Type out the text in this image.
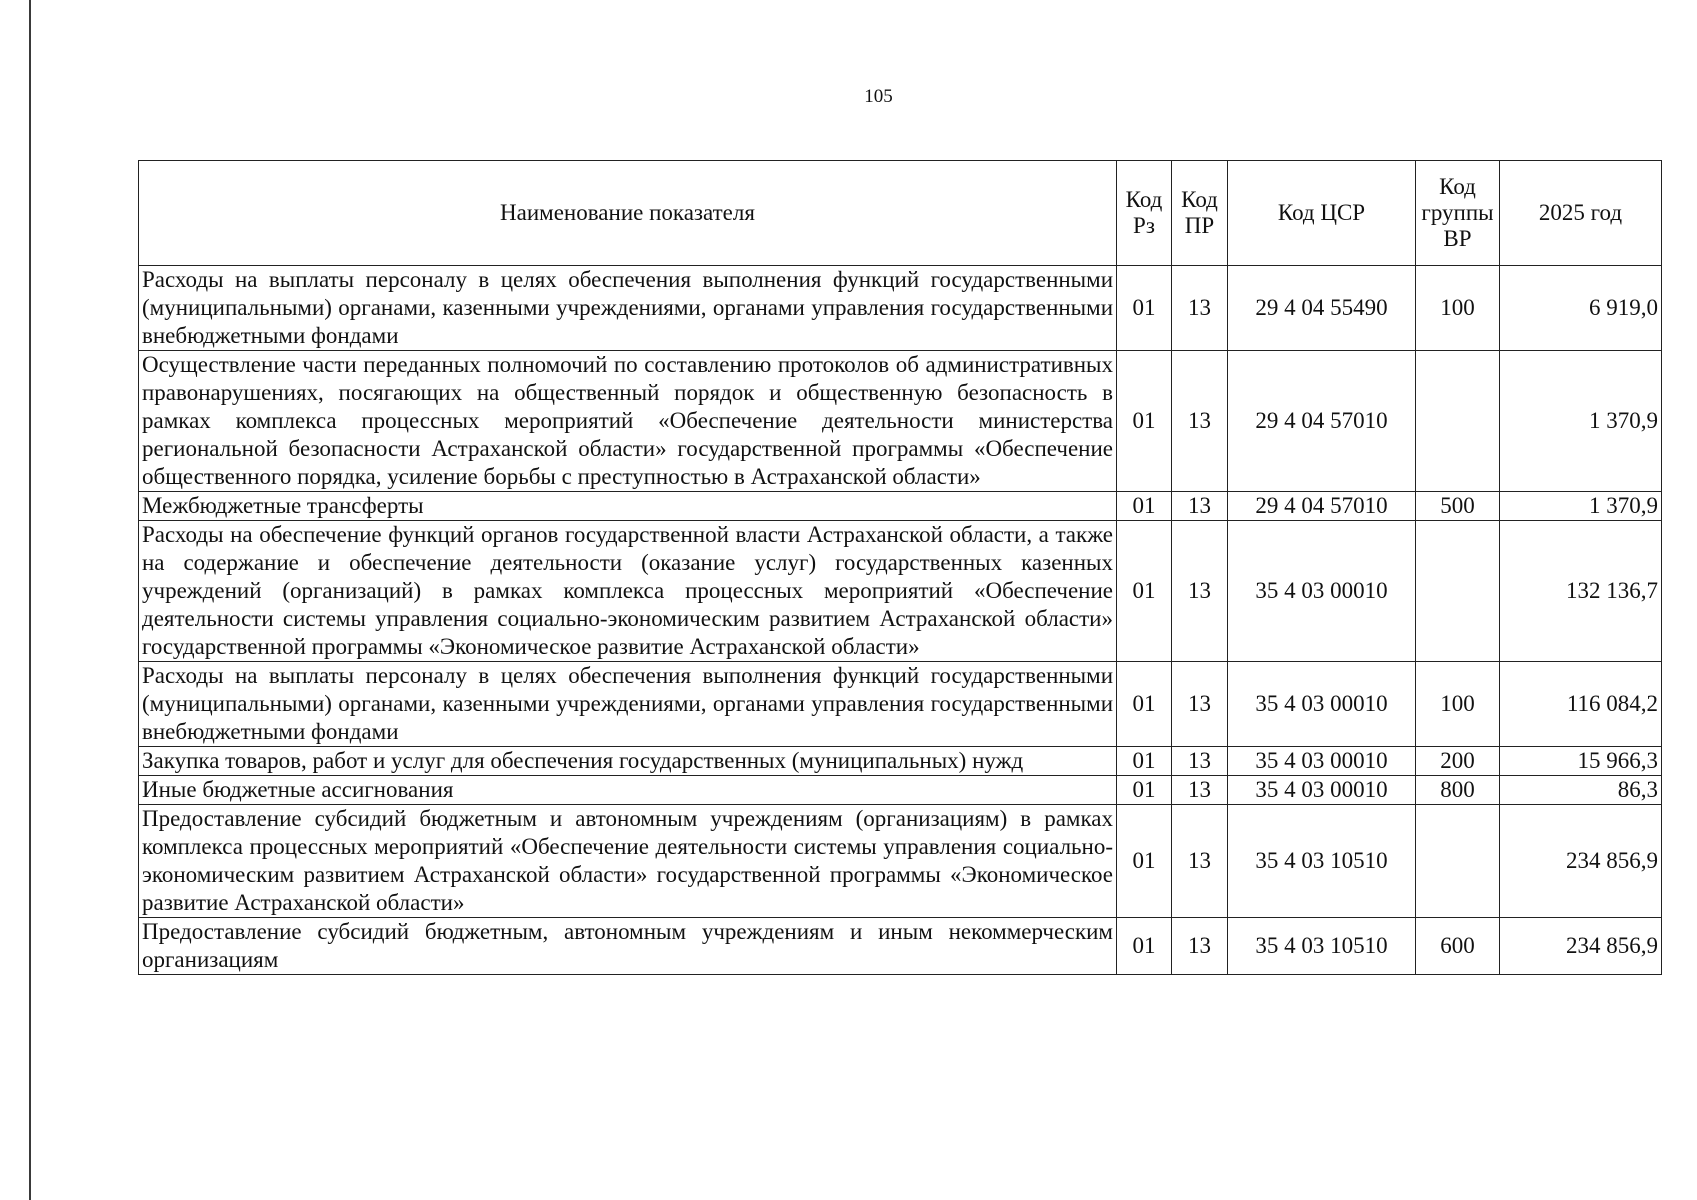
105
Наименование показателя	Код Рз	Код ПР	Код ЦСР	Код группы ВР	2025 год
Расходы на выплаты персоналу в целях обеспечения выполнения функций государственными (муниципальными) органами, казенными учреждениями, органами управления государственными внебюджетными фондами	01	13	29 4 04 55490	100	6 919,0
Осуществление части переданных полномочий по составлению протоколов об административных правонарушениях, посягающих на общественный порядок и общественную безопасность в рамках комплекса процессных мероприятий «Обеспечение деятельности министерства региональной безопасности Астраханской области» государственной программы «Обеспечение общественного порядка, усиление борьбы с преступностью в Астраханской области»	01	13	29 4 04 57010		1 370,9
Межбюджетные трансферты	01	13	29 4 04 57010	500	1 370,9
Расходы на обеспечение функций органов государственной власти Астраханской области, а также на содержание и обеспечение деятельности (оказание услуг) государственных казенных учреждений (организаций) в рамках комплекса процессных мероприятий «Обеспечение деятельности системы управления социально-экономическим развитием Астраханской области» государственной программы «Экономическое развитие Астраханской области»	01	13	35 4 03 00010		132 136,7
Расходы на выплаты персоналу в целях обеспечения выполнения функций государственными (муниципальными) органами, казенными учреждениями, органами управления государственными внебюджетными фондами	01	13	35 4 03 00010	100	116 084,2
Закупка товаров, работ и услуг для обеспечения государственных (муниципальных) нужд	01	13	35 4 03 00010	200	15 966,3
Иные бюджетные ассигнования	01	13	35 4 03 00010	800	86,3
Предоставление субсидий бюджетным и автономным учреждениям (организациям) в рамках комплекса процессных мероприятий «Обеспечение деятельности системы управления социально-экономическим развитием Астраханской области» государственной программы «Экономическое развитие Астраханской области»	01	13	35 4 03 10510		234 856,9
Предоставление субсидий бюджетным, автономным учреждениям и иным некоммерческим организациям	01	13	35 4 03 10510	600	234 856,9
